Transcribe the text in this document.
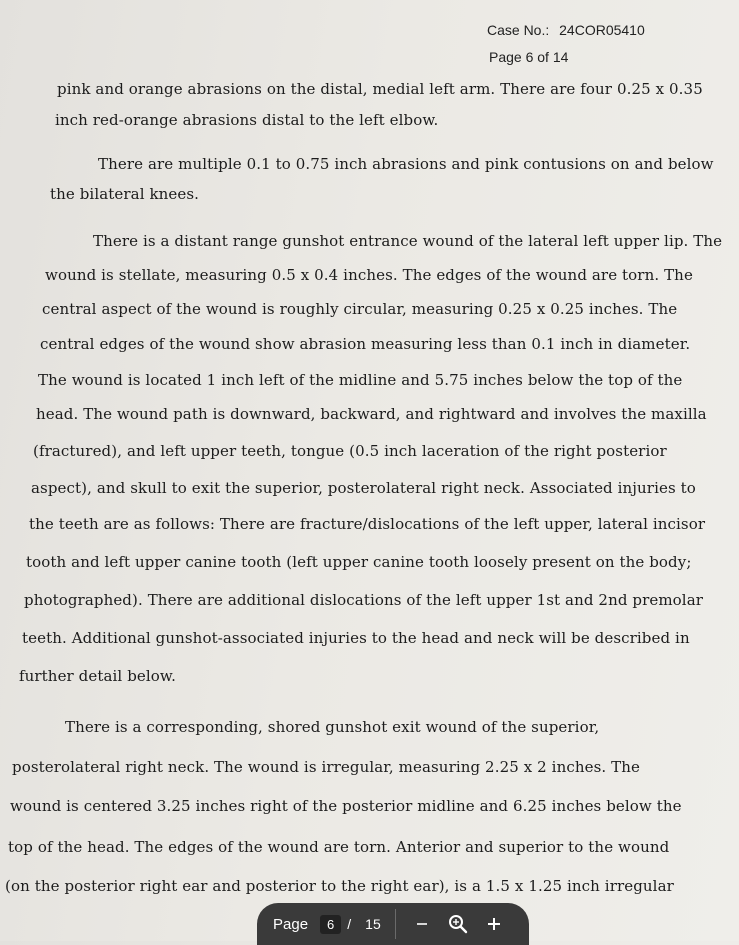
Case No.: 24COR05410
Page 6 of 14
pink and orange abrasions on the distal, medial left arm. There are four 0.25 x 0.35
inch red-orange abrasions distal to the left elbow.
There are multiple 0.1 to 0.75 inch abrasions and pink contusions on and below
the bilateral knees.
There is a distant range gunshot entrance wound of the lateral left upper lip. The
wound is stellate, measuring 0.5 x 0.4 inches. The edges of the wound are torn. The
central aspect of the wound is roughly circular, measuring 0.25 x 0.25 inches. The
central edges of the wound show abrasion measuring less than 0.1 inch in diameter.
The wound is located 1 inch left of the midline and 5.75 inches below the top of the
head. The wound path is downward, backward, and rightward and involves the maxilla
(fractured), and left upper teeth, tongue (0.5 inch laceration of the right posterior
aspect), and skull to exit the superior, posterolateral right neck. Associated injuries to
the teeth are as follows: There are fracture/dislocations of the left upper, lateral incisor
tooth and left upper canine tooth (left upper canine tooth loosely present on the body;
photographed). There are additional dislocations of the left upper 1st and 2nd premolar
teeth. Additional gunshot-associated injuries to the head and neck will be described in
further detail below.
There is a corresponding, shored gunshot exit wound of the superior,
posterolateral right neck. The wound is irregular, measuring 2.25 x 2 inches. The
wound is centered 3.25 inches right of the posterior midline and 6.25 inches below the
top of the head. The edges of the wound are torn. Anterior and superior to the wound
(on the posterior right ear and posterior to the right ear), is a 1.5 x 1.25 inch irregular
Page	6 / 15
